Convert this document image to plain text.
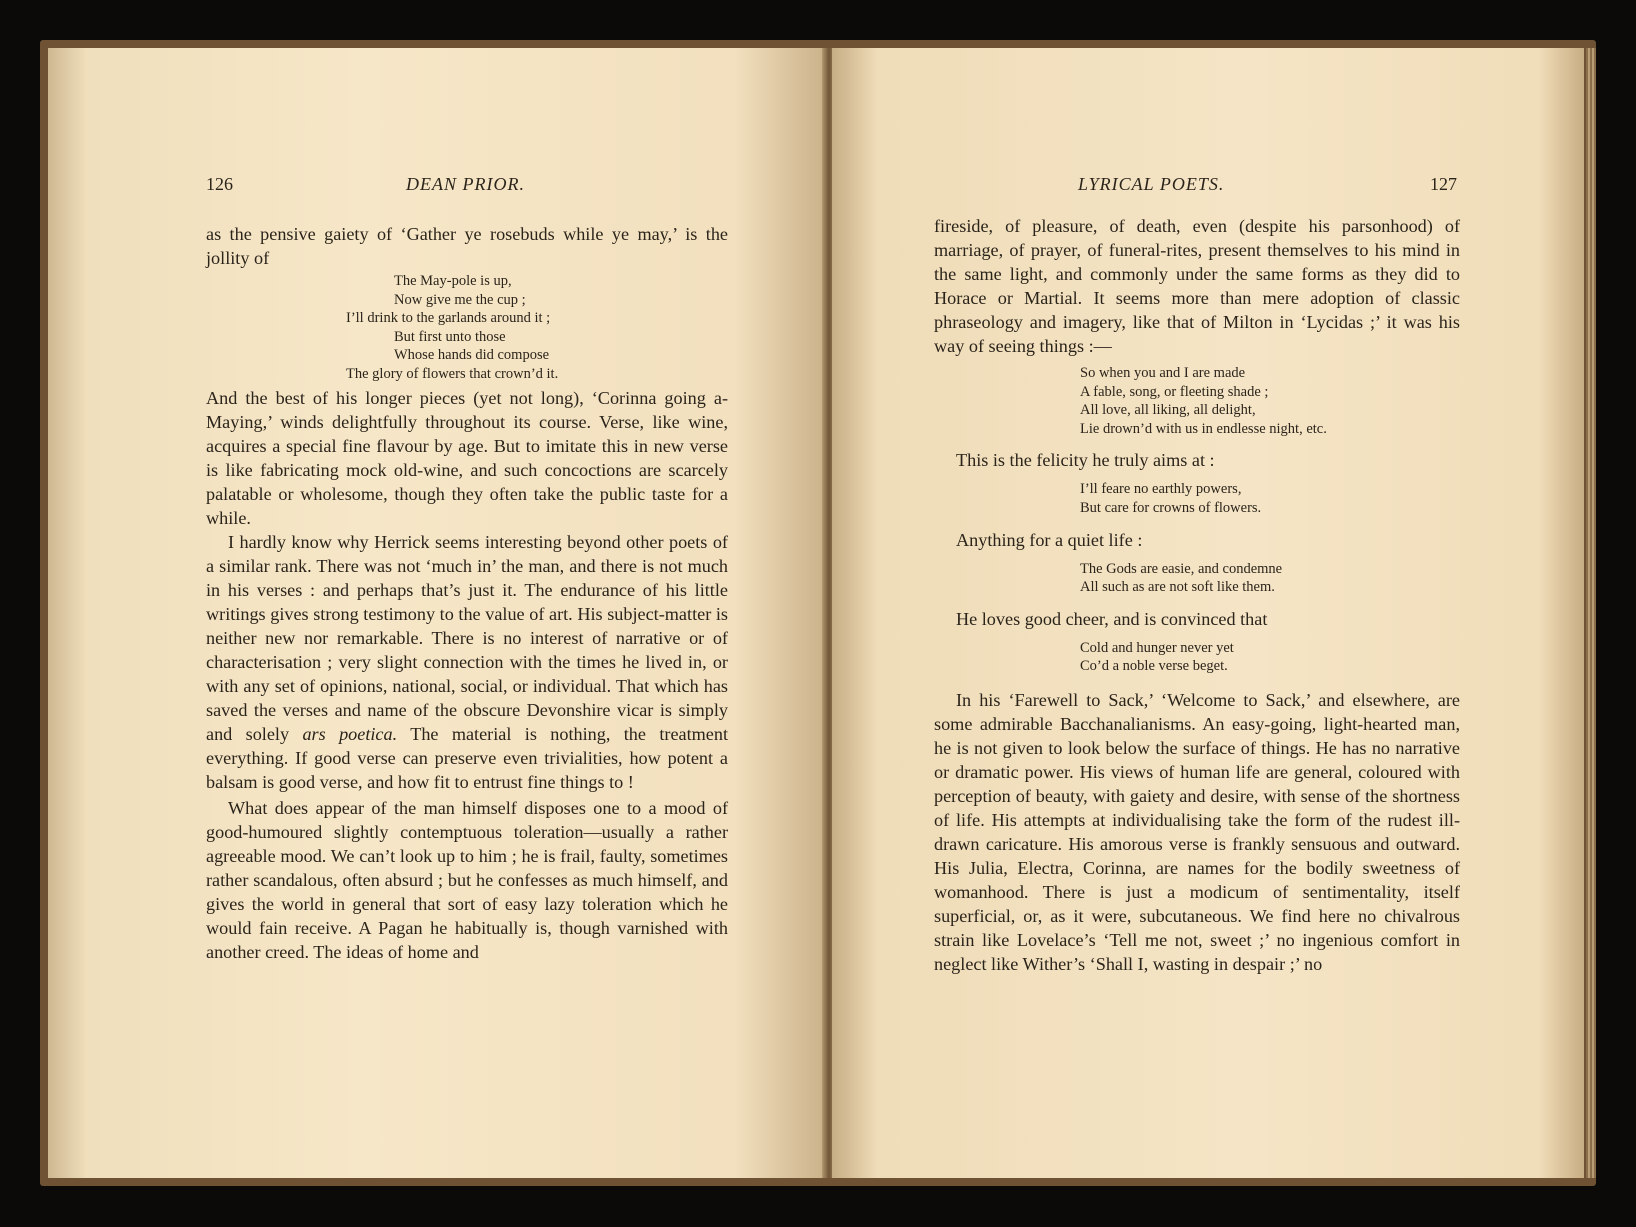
126	DEAN PRIOR.

as the pensive gaiety of ‘Gather ye rosebuds while ye may,’ is the jollity of

The May-pole is up,
Now give me the cup ;
I’ll drink to the garlands around it ;
But first unto those
Whose hands did compose
The glory of flowers that crown’d it.

And the best of his longer pieces (yet not long), ‘Corinna going a-Maying,’ winds delightfully throughout its course. Verse, like wine, acquires a special fine flavour by age. But to imitate this in new verse is like fabricating mock old-wine, and such concoctions are scarcely palatable or wholesome, though they often take the public taste for a while.

I hardly know why Herrick seems interesting beyond other poets of a similar rank. There was not ‘much in’ the man, and there is not much in his verses : and perhaps that’s just it. The endurance of his little writings gives strong testimony to the value of art. His subject-matter is neither new nor remarkable. There is no interest of narrative or of characterisation ; very slight connection with the times he lived in, or with any set of opinions, national, social, or individual. That which has saved the verses and name of the obscure Devonshire vicar is simply and solely ars poetica. The material is nothing, the treatment everything. If good verse can preserve even trivialities, how potent a balsam is good verse, and how fit to entrust fine things to !

What does appear of the man himself disposes one to a mood of good-humoured slightly contemptuous toleration—usually a rather agreeable mood. We can’t look up to him ; he is frail, faulty, sometimes rather scandalous, often absurd ; but he confesses as much himself, and gives the world in general that sort of easy lazy toleration which he would fain receive. A Pagan he habitually is, though varnished with another creed. The ideas of home and

LYRICAL POETS.	127

fireside, of pleasure, of death, even (despite his parsonhood) of marriage, of prayer, of funeral-rites, present themselves to his mind in the same light, and commonly under the same forms as they did to Horace or Martial. It seems more than mere adoption of classic phraseology and imagery, like that of Milton in ‘Lycidas ;’ it was his way of seeing things :—

So when you and I are made
A fable, song, or fleeting shade ;
All love, all liking, all delight,
Lie drown’d with us in endlesse night, etc.

This is the felicity he truly aims at :

I’ll feare no earthly powers,
But care for crowns of flowers.

Anything for a quiet life :

The Gods are easie, and condemne
All such as are not soft like them.

He loves good cheer, and is convinced that

Cold and hunger never yet
Co’d a noble verse beget.

In his ‘Farewell to Sack,’ ‘Welcome to Sack,’ and elsewhere, are some admirable Bacchanalianisms. An easy-going, light-hearted man, he is not given to look below the surface of things. He has no narrative or dramatic power. His views of human life are general, coloured with perception of beauty, with gaiety and desire, with sense of the shortness of life. His attempts at individualising take the form of the rudest ill-drawn caricature. His amorous verse is frankly sensuous and outward. His Julia, Electra, Corinna, are names for the bodily sweetness of womanhood. There is just a modicum of sentimentality, itself superficial, or, as it were, subcutaneous. We find here no chivalrous strain like Lovelace’s ‘Tell me not, sweet ;’ no ingenious comfort in neglect like Wither’s ‘Shall I, wasting in despair ;’ no
